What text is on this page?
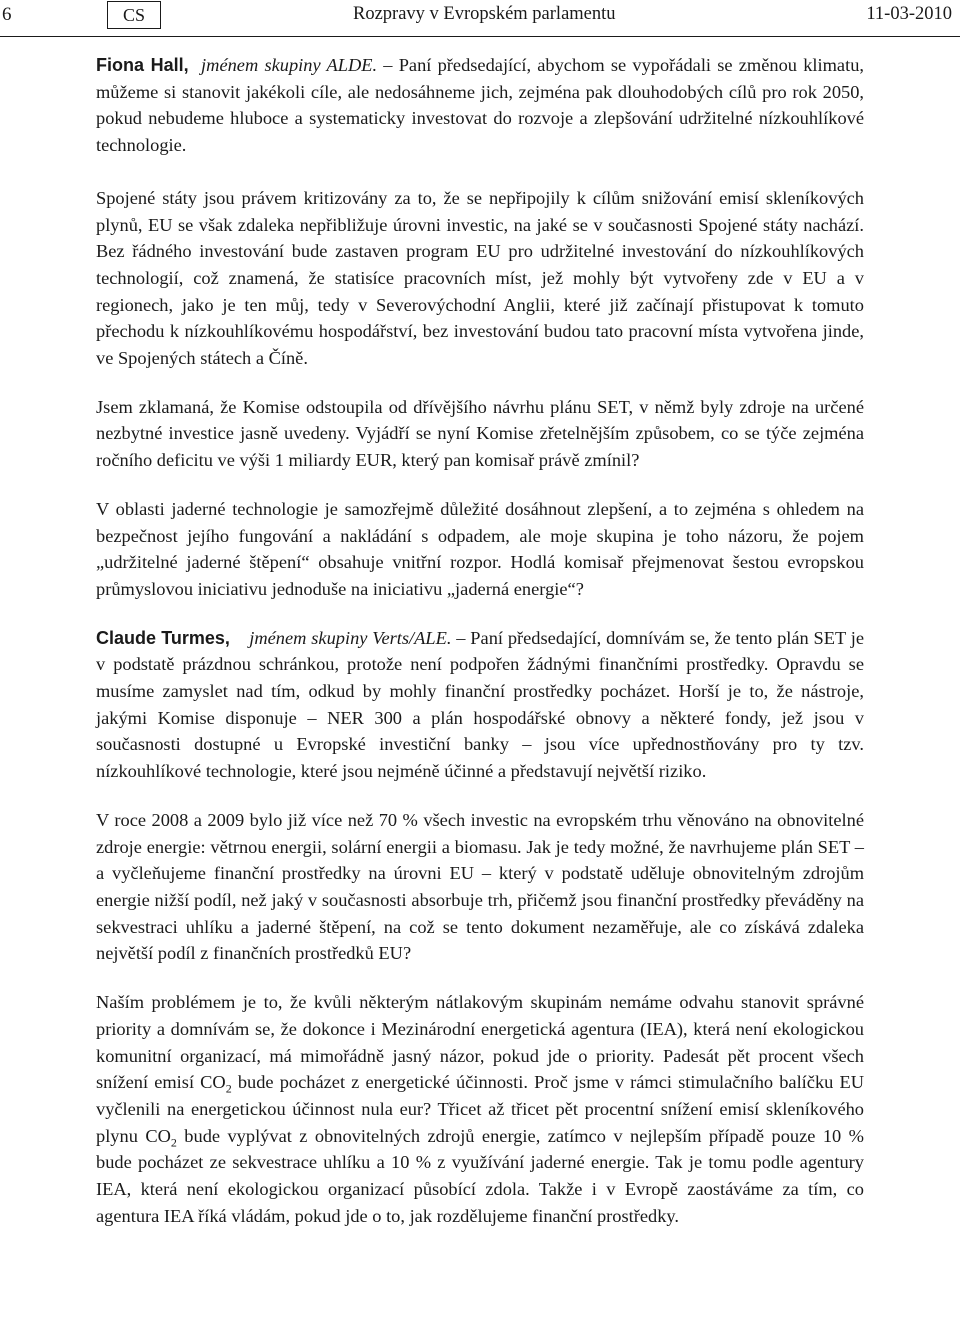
6	CS	Rozpravy v Evropském parlamentu	11-03-2010

Fiona Hall, jménem skupiny ALDE. – Paní předsedající, abychom se vypořádali se změnou klimatu, můžeme si stanovit jakékoli cíle, ale nedosáhneme jich, zejména pak dlouhodobých cílů pro rok 2050, pokud nebudeme hluboce a systematicky investovat do rozvoje a zlepšování udržitelné nízkouhlíkové technologie.

Spojené státy jsou právem kritizovány za to, že se nepřipojily k cílům snižování emisí skleníkových plynů, EU se však zdaleka nepřibližuje úrovni investic, na jaké se v současnosti Spojené státy nachází. Bez řádného investování bude zastaven program EU pro udržitelné investování do nízkouhlíkových technologií, což znamená, že statisíce pracovních míst, jež mohly být vytvořeny zde v EU a v regionech, jako je ten můj, tedy v Severovýchodní Anglii, které již začínají přistupovat k tomuto přechodu k nízkouhlíkovému hospodářství, bez investování budou tato pracovní místa vytvořena jinde, ve Spojených státech a Číně.

Jsem zklamaná, že Komise odstoupila od dřívějšího návrhu plánu SET, v němž byly zdroje na určené nezbytné investice jasně uvedeny. Vyjádří se nyní Komise zřetelnějším způsobem, co se týče zejména ročního deficitu ve výši 1 miliardy EUR, který pan komisař právě zmínil?

V oblasti jaderné technologie je samozřejmě důležité dosáhnout zlepšení, a to zejména s ohledem na bezpečnost jejího fungování a nakládání s odpadem, ale moje skupina je toho názoru, že pojem „udržitelné jaderné štěpení“ obsahuje vnitřní rozpor. Hodlá komisař přejmenovat šestou evropskou průmyslovou iniciativu jednoduše na iniciativu „jaderná energie“?

Claude Turmes, jménem skupiny Verts/ALE. – Paní předsedající, domnívám se, že tento plán SET je v podstatě prázdnou schránkou, protože není podpořen žádnými finančními prostředky. Opravdu se musíme zamyslet nad tím, odkud by mohly finanční prostředky pocházet. Horší je to, že nástroje, jakými Komise disponuje – NER 300 a plán hospodářské obnovy a některé fondy, jež jsou v současnosti dostupné u Evropské investiční banky – jsou více upřednostňovány pro ty tzv. nízkouhlíkové technologie, které jsou nejméně účinné a představují největší riziko.

V roce 2008 a 2009 bylo již více než 70 % všech investic na evropském trhu věnováno na obnovitelné zdroje energie: větrnou energii, solární energii a biomasu. Jak je tedy možné, že navrhujeme plán SET – a vyčleňujeme finanční prostředky na úrovni EU – který v podstatě uděluje obnovitelným zdrojům energie nižší podíl, než jaký v současnosti absorbuje trh, přičemž jsou finanční prostředky převáděny na sekvestraci uhlíku a jaderné štěpení, na což se tento dokument nezaměřuje, ale co získává zdaleka největší podíl z finančních prostředků EU?

Naším problémem je to, že kvůli některým nátlakovým skupinám nemáme odvahu stanovit správné priority a domnívám se, že dokonce i Mezinárodní energetická agentura (IEA), která není ekologickou komunitní organizací, má mimořádně jasný názor, pokud jde o priority. Padesát pět procent všech snížení emisí $CO_2$ bude pocházet z energetické účinnosti. Proč jsme v rámci stimulačního balíčku EU vyčlenili na energetickou účinnost nula eur? Třicet až třicet pět procentní snížení emisí skleníkového plynu $CO_2$ bude vyplývat z obnovitelných zdrojů energie, zatímco v nejlepším případě pouze 10 % bude pocházet ze sekvestrace uhlíku a 10 % z využívání jaderné energie. Tak je tomu podle agentury IEA, která není ekologickou organizací působící zdola. Takže i v Evropě zaostáváme za tím, co agentura IEA říká vládám, pokud jde o to, jak rozdělujeme finanční prostředky.
